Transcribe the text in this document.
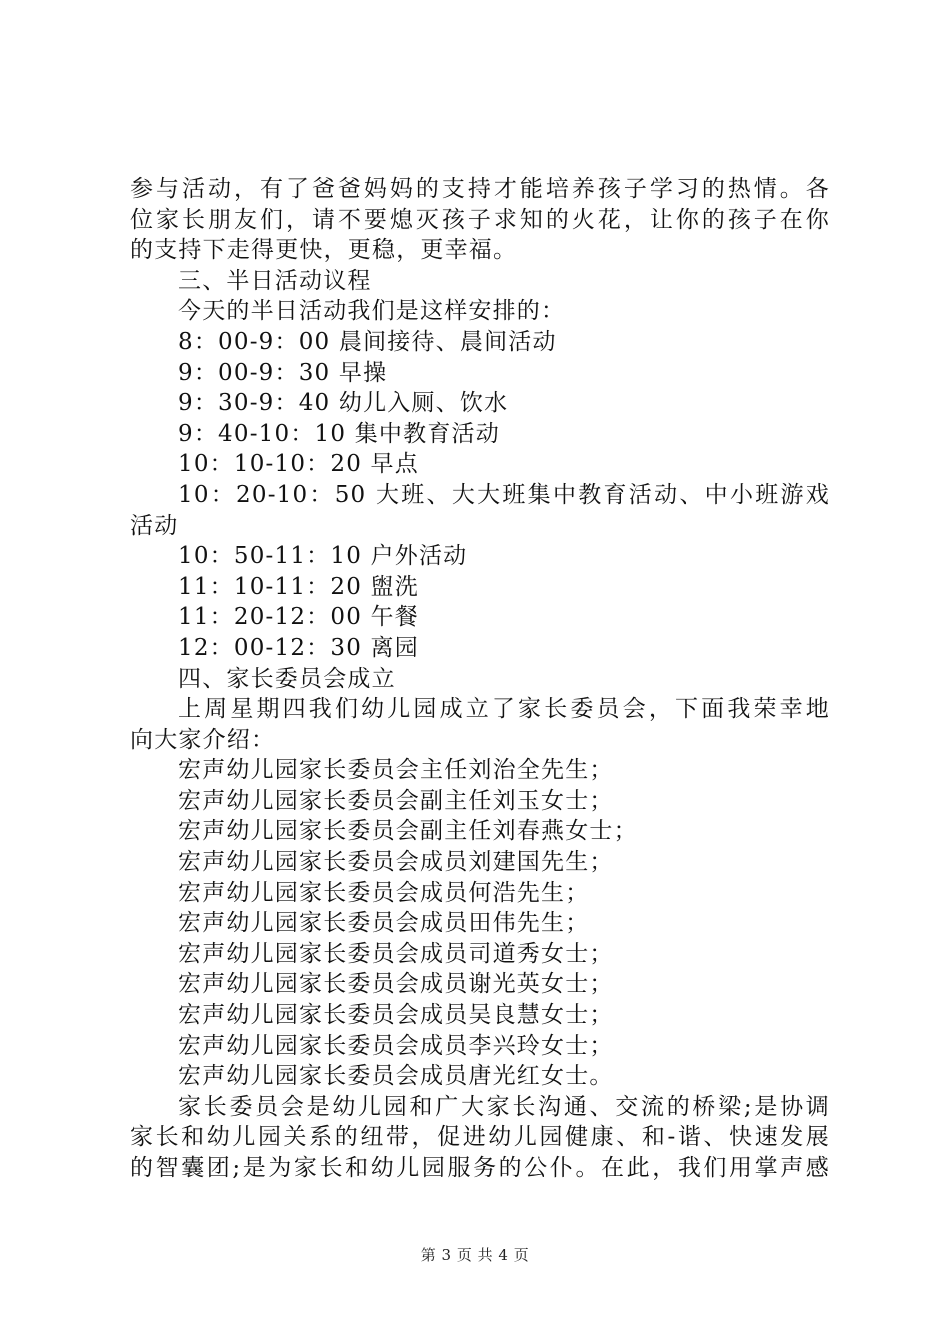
参与活动，有了爸爸妈妈的支持才能培养孩子学习的热情。各
位家长朋友们，请不要熄灭孩子求知的火花，让你的孩子在你
的支持下走得更快，更稳，更幸福。
三、半日活动议程
今天的半日活动我们是这样安排的：
8：00-9：00 晨间接待、晨间活动
9：00-9：30 早操
9：30-9：40 幼儿入厕、饮水
9：40-10：10 集中教育活动
10：10-10：20 早点
10：20-10：50 大班、大大班集中教育活动、中小班游戏
活动
10：50-11：10 户外活动
11：10-11：20 盥洗
11：20-12：00 午餐
12：00-12：30 离园
四、家长委员会成立
上周星期四我们幼儿园成立了家长委员会，下面我荣幸地
向大家介绍：
宏声幼儿园家长委员会主任刘治全先生；
宏声幼儿园家长委员会副主任刘玉女士；
宏声幼儿园家长委员会副主任刘春燕女士；
宏声幼儿园家长委员会成员刘建国先生；
宏声幼儿园家长委员会成员何浩先生；
宏声幼儿园家长委员会成员田伟先生；
宏声幼儿园家长委员会成员司道秀女士；
宏声幼儿园家长委员会成员谢光英女士；
宏声幼儿园家长委员会成员吴良慧女士；
宏声幼儿园家长委员会成员李兴玲女士；
宏声幼儿园家长委员会成员唐光红女士。
家长委员会是幼儿园和广大家长沟通、交流的桥梁;是协调
家长和幼儿园关系的纽带，促进幼儿园健康、和-谐、快速发展
的智囊团;是为家长和幼儿园服务的公仆。在此，我们用掌声感
第 3 页 共 4 页
